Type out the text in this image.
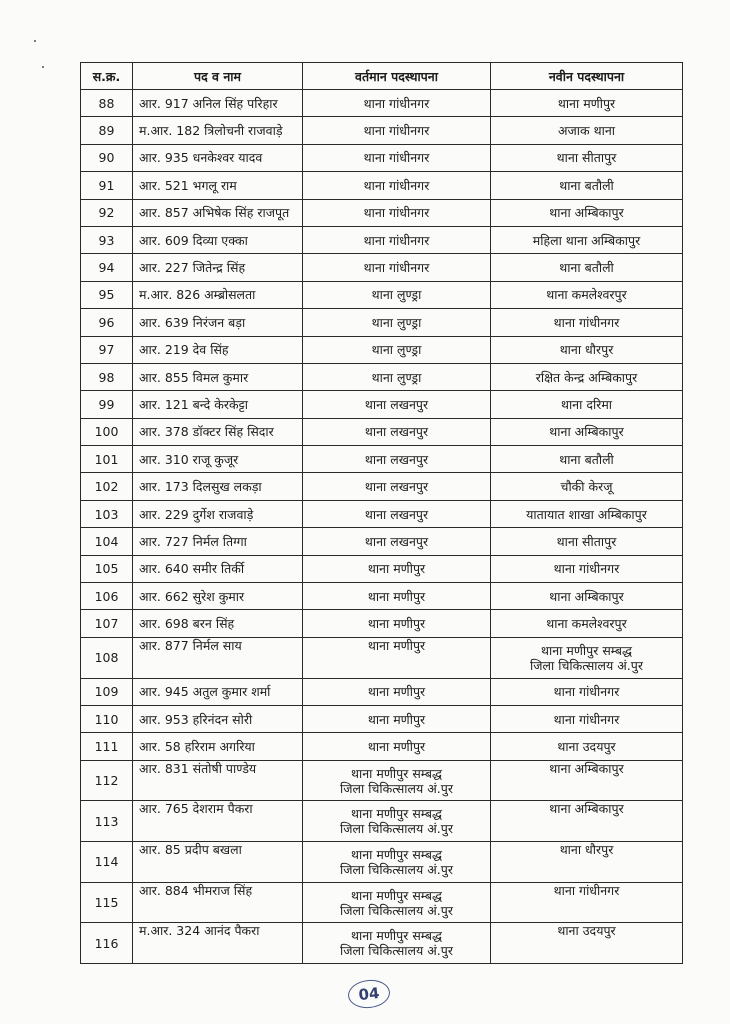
स.क्र.	पद व नाम	वर्तमान पदस्थापना	नवीन पदस्थापना
88	आर. 917 अनिल सिंह परिहार	थाना गांधीनगर	थाना मणीपुर

89	म.आर. 182 त्रिलोचनी राजवाड़े	थाना गांधीनगर	अजाक थाना

90	आर. 935 धनकेश्वर यादव	थाना गांधीनगर	थाना सीतापुर

91	आर. 521 भगलू राम	थाना गांधीनगर	थाना बतौली

92	आर. 857 अभिषेक सिंह राजपूत	थाना गांधीनगर	थाना अम्बिकापुर

93	आर. 609 दिव्या एक्का	थाना गांधीनगर	महिला थाना अम्बिकापुर

94	आर. 227 जितेन्द्र सिंह	थाना गांधीनगर	थाना बतौली

95	म.आर. 826 अम्ब्रोसलता	थाना लुण्ड्रा	थाना कमलेश्वरपुर

96	आर. 639 निरंजन बड़ा	थाना लुण्ड्रा	थाना गांधीनगर

97	आर. 219 देव सिंह	थाना लुण्ड्रा	थाना धौरपुर

98	आर. 855 विमल कुमार	थाना लुण्ड्रा	रक्षित केन्द्र अम्बिकापुर

99	आर. 121 बन्दे केरकेट्टा	थाना लखनपुर	थाना दरिमा

100	आर. 378 डॉक्टर सिंह सिदार	थाना लखनपुर	थाना अम्बिकापुर

101	आर. 310 राजू कुजूर	थाना लखनपुर	थाना बतौली

102	आर. 173 दिलसुख लकड़ा	थाना लखनपुर	चौकी केरजू

103	आर. 229 दुर्गेश राजवाड़े	थाना लखनपुर	यातायात शाखा अम्बिकापुर

104	आर. 727 निर्मल तिग्गा	थाना लखनपुर	थाना सीतापुर

105	आर. 640 समीर तिर्की	थाना मणीपुर	थाना गांधीनगर

106	आर. 662 सुरेश कुमार	थाना मणीपुर	थाना अम्बिकापुर

107	आर. 698 बरन सिंह	थाना मणीपुर	थाना कमलेश्वरपुर

108	आर. 877 निर्मल साय	थाना मणीपुर	थाना मणीपुर सम्बद्ध
जिला चिकित्सालय अं.पुर

109	आर. 945 अतुल कुमार शर्मा	थाना मणीपुर	थाना गांधीनगर

110	आर. 953 हरिनंदन सोरी	थाना मणीपुर	थाना गांधीनगर

111	आर. 58 हरिराम अगरिया	थाना मणीपुर	थाना उदयपुर

112	आर. 831 संतोषी पाण्डेय	थाना मणीपुर सम्बद्ध
जिला चिकित्सालय अं.पुर	थाना अम्बिकापुर

113	आर. 765 देशराम पैकरा	थाना मणीपुर सम्बद्ध
जिला चिकित्सालय अं.पुर	थाना अम्बिकापुर

114	आर. 85 प्रदीप बखला	थाना मणीपुर सम्बद्ध
जिला चिकित्सालय अं.पुर	थाना धौरपुर

115	आर. 884 भीमराज सिंह	थाना मणीपुर सम्बद्ध
जिला चिकित्सालय अं.पुर	थाना गांधीनगर

116	म.आर. 324 आनंद पैकरा	थाना मणीपुर सम्बद्ध
जिला चिकित्सालय अं.पुर	थाना उदयपुर
04
